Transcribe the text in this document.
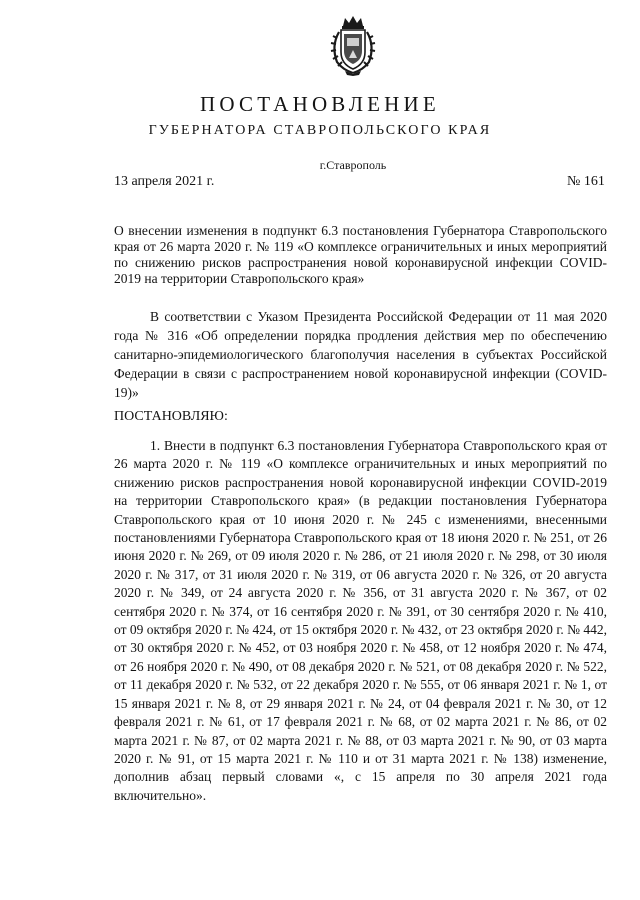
ПОСТАНОВЛЕНИЕ
ГУБЕРНАТОРА СТАВРОПОЛЬСКОГО КРАЯ
г.Ставрополь
13 апреля 2021 г.	№ 161
О внесении изменения в подпункт 6.3 постановления Губернатора Ставропольского края от 26 марта 2020 г. № 119 «О комплексе ограничительных и иных мероприятий по снижению рисков распространения новой коронавирусной инфекции COVID-2019 на территории Ставропольского края»
В соответствии с Указом Президента Российской Федерации от 11 мая 2020 года № 316 «Об определении порядка продления действия мер по обеспечению санитарно-эпидемиологического благополучия населения в субъектах Российской Федерации в связи с распространением новой коронавирусной инфекции (COVID-19)»
ПОСТАНОВЛЯЮ:
1. Внести в подпункт 6.3 постановления Губернатора Ставропольского края от 26 марта 2020 г. № 119 «О комплексе ограничительных и иных мероприятий по снижению рисков распространения новой коронавирусной инфекции COVID-2019 на территории Ставропольского края» (в редакции постановления Губернатора Ставропольского края от 10 июня 2020 г. № 245 с изменениями, внесенными постановлениями Губернатора Ставропольского края от 18 июня 2020 г. № 251, от 26 июня 2020 г. № 269, от 09 июля 2020 г. № 286, от 21 июля 2020 г. № 298, от 30 июля 2020 г. № 317, от 31 июля 2020 г. № 319, от 06 августа 2020 г. № 326, от 20 августа 2020 г. № 349, от 24 августа 2020 г. № 356, от 31 августа 2020 г. № 367, от 02 сентября 2020 г. № 374, от 16 сентября 2020 г. № 391, от 30 сентября 2020 г. № 410, от 09 октября 2020 г. № 424, от 15 октября 2020 г. № 432, от 23 октября 2020 г. № 442, от 30 октября 2020 г. № 452, от 03 ноября 2020 г. № 458, от 12 ноября 2020 г. № 474, от 26 ноября 2020 г. № 490, от 08 декабря 2020 г. № 521, от 08 декабря 2020 г. № 522, от 11 декабря 2020 г. № 532, от 22 декабря 2020 г. № 555, от 06 января 2021 г. № 1, от 15 января 2021 г. № 8, от 29 января 2021 г. № 24, от 04 февраля 2021 г. № 30, от 12 февраля 2021 г. № 61, от 17 февраля 2021 г. № 68, от 02 марта 2021 г. № 86, от 02 марта 2021 г. № 87, от 02 марта 2021 г. № 88, от 03 марта 2021 г. № 90, от 03 марта 2020 г. № 91, от 15 марта 2021 г. № 110 и от 31 марта 2021 г. № 138) изменение, дополнив абзац первый словами «, с 15 апреля по 30 апреля 2021 года включительно».
